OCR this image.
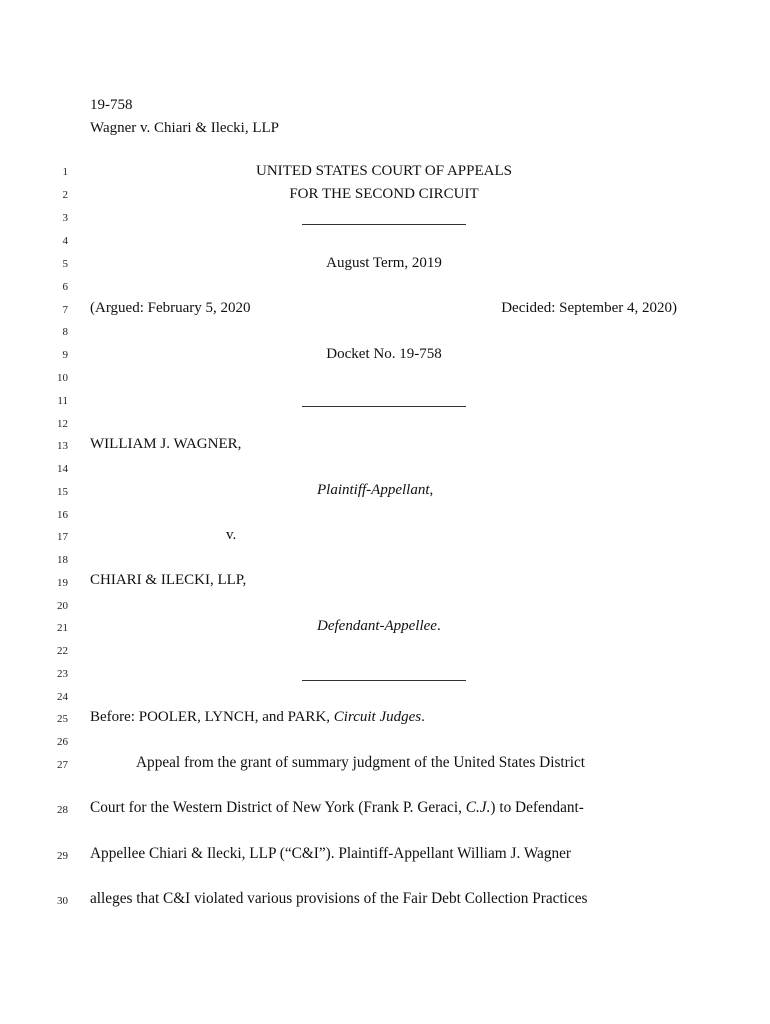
19-758
Wagner v. Chiari & Ilecki, LLP
1
2
3
4
5
6
7
8
9
10
11
12
13
14
15
16
17
18
19
20
21
22
23
24
25
26
27
28
29
30
UNITED STATES COURT OF APPEALS
FOR THE SECOND CIRCUIT
August Term, 2019
(Argued: February 5, 2020	Decided: September 4, 2020)
Docket No. 19-758
WILLIAM J. WAGNER,
Plaintiff-Appellant,
v.
CHIARI & ILECKI, LLP,
Defendant-Appellee.
Before: POOLER, LYNCH, and PARK, Circuit Judges.
Appeal from the grant of summary judgment of the United States District
Court for the Western District of New York (Frank P. Geraci, C.J.) to Defendant-
Appellee Chiari & Ilecki, LLP (“C&I”). Plaintiff-Appellant William J. Wagner
alleges that C&I violated various provisions of the Fair Debt Collection Practices
